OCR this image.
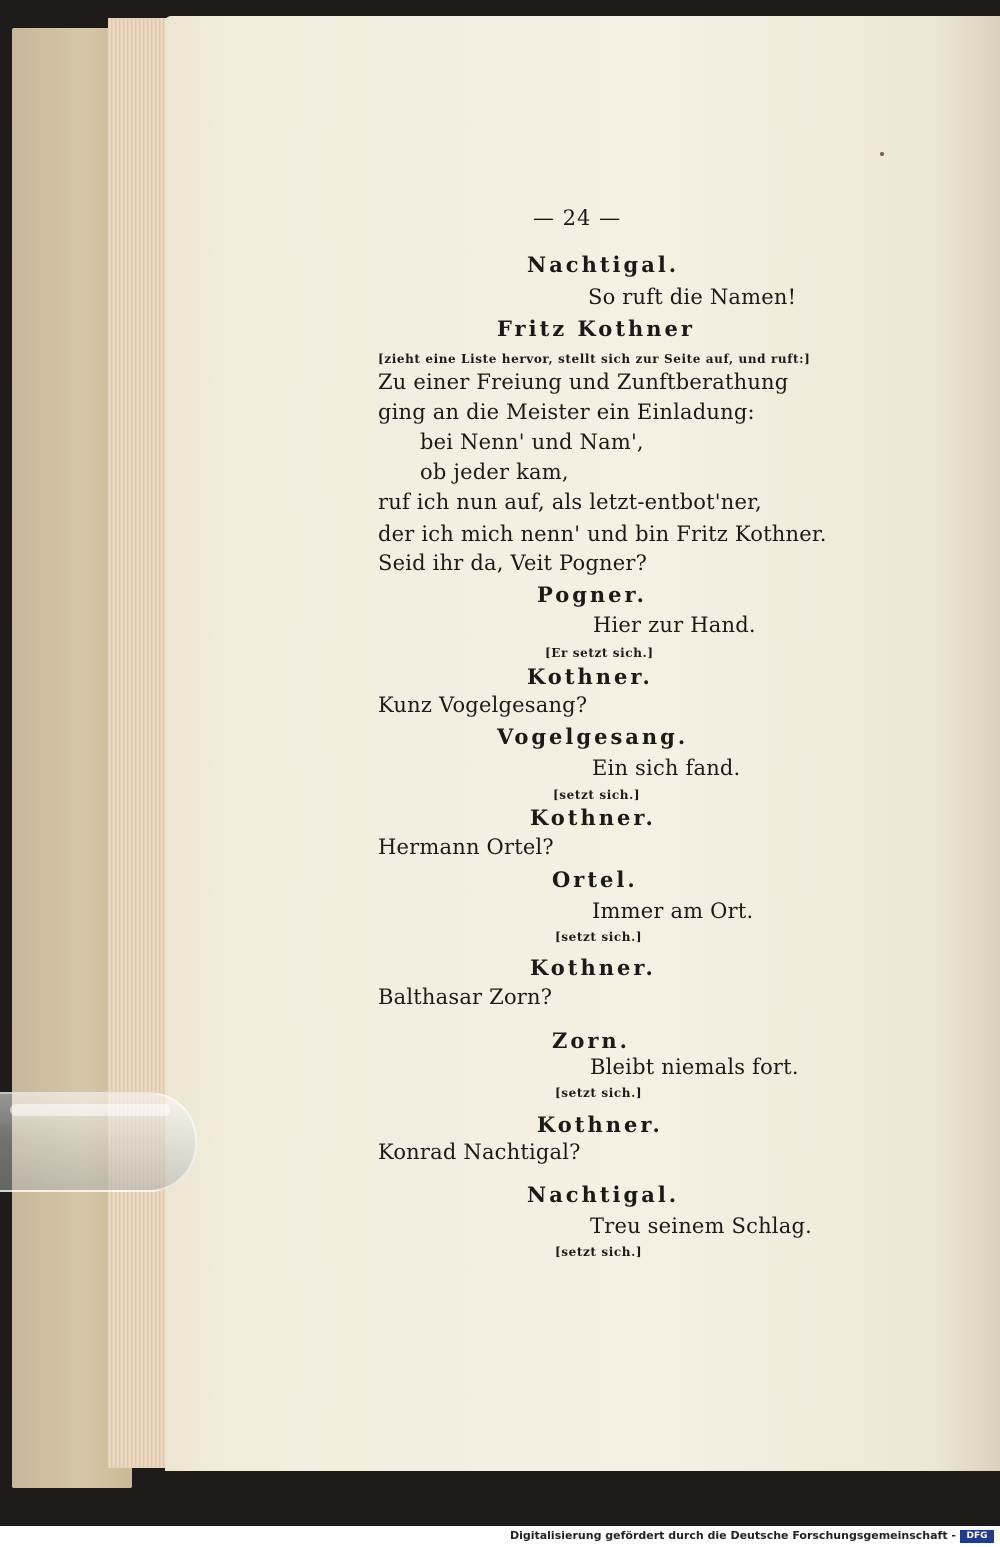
— 24 —
Nachtigal.
So ruft die Namen!
Fritz Kothner
[zieht eine Liste hervor, stellt sich zur Seite auf, und ruft:]
Zu einer Freiung und Zunftberathung
ging an die Meister ein Einladung:
bei Nenn' und Nam',
ob jeder kam,
ruf ich nun auf, als letzt-entbot'ner,
der ich mich nenn' und bin Fritz Kothner.
Seid ihr da, Veit Pogner?
Pogner.
Hier zur Hand.
[Er setzt sich.]
Kothner.
Kunz Vogelgesang?
Vogelgesang.
Ein sich fand.
[setzt sich.]
Kothner.
Hermann Ortel?
Ortel.
Immer am Ort.
[setzt sich.]
Kothner.
Balthasar Zorn?
Zorn.
Bleibt niemals fort.
[setzt sich.]
Kothner.
Konrad Nachtigal?
Nachtigal.
Treu seinem Schlag.
[setzt sich.]
Digitalisierung gefördert durch die Deutsche Forschungsgemeinschaft -	DFG
